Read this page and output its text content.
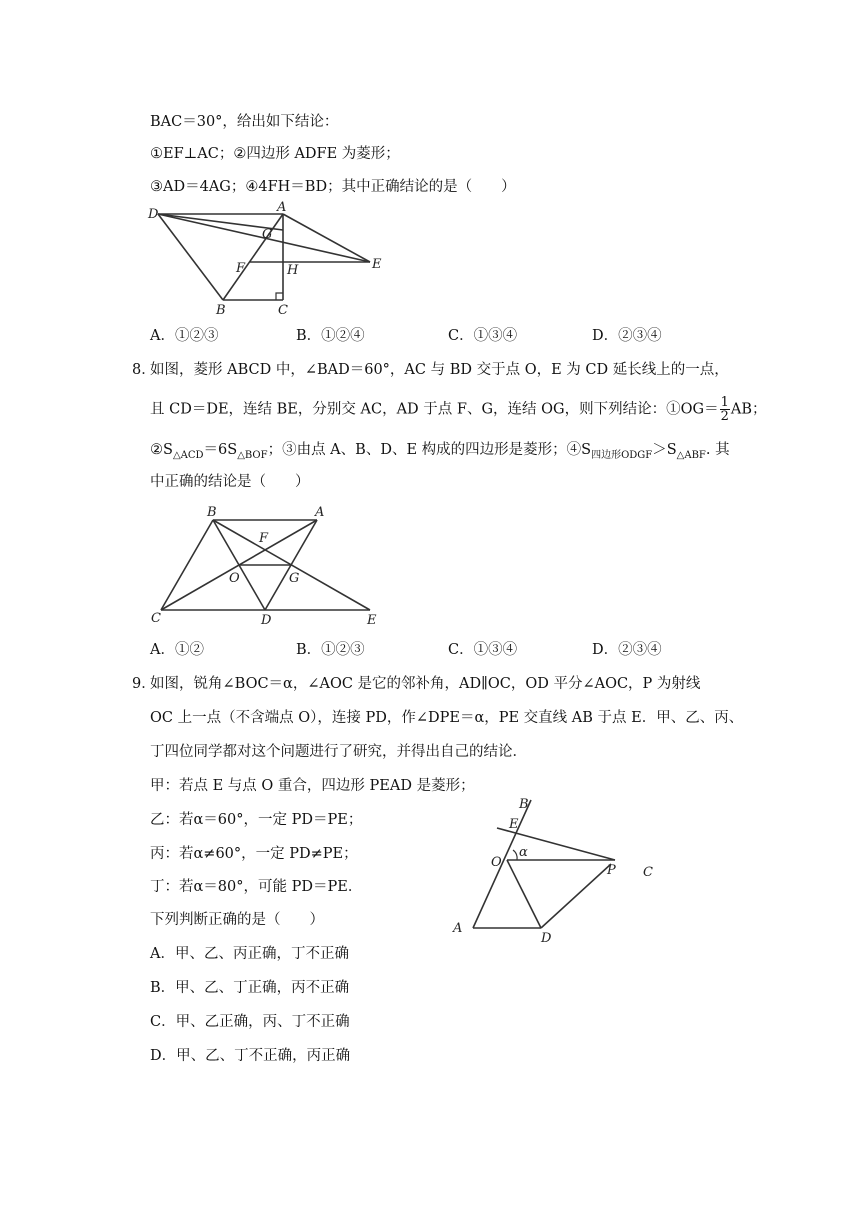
BAC＝30°，给出如下结论：
①EF⊥AC；②四边形 ADFE 为菱形；
③AD＝4AG；④4FH＝BD；其中正确结论的是（　　）
D	A
G
E
F	H
B	C
A．①②③	B．①②④	C．①③④	D．②③④
8．
如图，菱形 ABCD 中，∠BAD＝60°，AC 与 BD 交于点 O，E 为 CD 延长线上的一点，
且 CD＝DE，连结 BE，分别交 AC，AD 于点 F、G，连结 OG，则下列结论：①OG＝ $\frac{1}{2}$ AB；
$②S_{\triangle ACD}=6S_{\triangle BOF}$；③由点 A、B、D、E 构成的四边形是菱形；$④S_{四边形ODGF}>S_{\triangle ABF}$. 其
中正确的结论是（　　）
B	A
F
O	G
C	D	E
A．①②	B．①②③	C．①③④	D．②③④
9．
如图，锐角∠BOC＝α，∠AOC 是它的邻补角，AD∥OC，OD 平分∠AOC，P 为射线
OC 上一点（不含端点 O），连接 PD，作∠DPE＝α，PE 交直线 AB 于点 E．甲、乙、丙、
丁四位同学都对这个问题进行了研究，并得出自己的结论．
甲：若点 E 与点 O 重合，四边形 PEAD 是菱形；
乙：若α＝60°，一定 PD＝PE；
丙：若α≠60°，一定 PD≠PE；
丁：若α＝80°，可能 PD＝PE．
下列判断正确的是（　　）
B
E
O
α
P C
A
D
A．甲、乙、丙正确，丁不正确
B．甲、乙、丁正确，丙不正确
C．甲、乙正确，丙、丁不正确
D．甲、乙、丁不正确，丙正确
